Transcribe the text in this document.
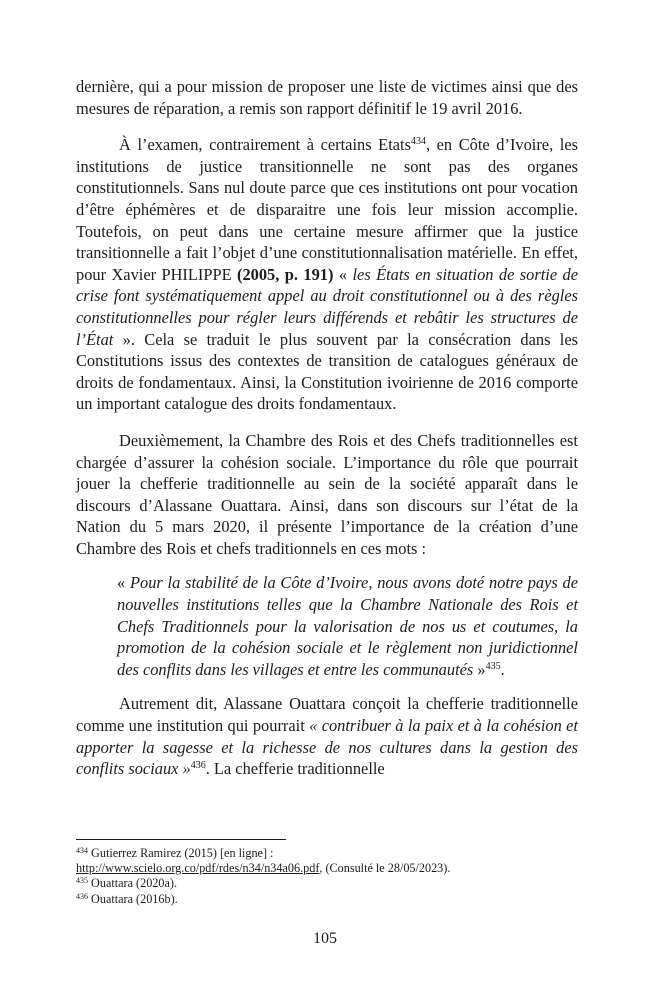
dernière, qui a pour mission de proposer une liste de victimes ainsi que des mesures de réparation, a remis son rapport définitif le 19 avril 2016.

À l’examen, contrairement à certains Etats$^{434}$, en Côte d’Ivoire, les institutions de justice transitionnelle ne sont pas des organes constitutionnels. Sans nul doute parce que ces institutions ont pour vocation d’être éphémères et de disparaitre une fois leur mission accomplie. Toutefois, on peut dans une certaine mesure affirmer que la justice transitionnelle a fait l’objet d’une constitutionnalisation matérielle. En effet, pour Xavier PHILIPPE (2005, p. 191) « les États en situation de sortie de crise font systématiquement appel au droit constitutionnel ou à des règles constitutionnelles pour régler leurs différends et rebâtir les structures de l’État ». Cela se traduit le plus souvent par la consécration dans les Constitutions issus des contextes de transition de catalogues généraux de droits de fondamentaux. Ainsi, la Constitution ivoirienne de 2016 comporte un important catalogue des droits fondamentaux.

Deuxièmement, la Chambre des Rois et des Chefs traditionnelles est chargée d’assurer la cohésion sociale. L’importance du rôle que pourrait jouer la chefferie traditionnelle au sein de la société apparaît dans le discours d’Alassane Ouattara. Ainsi, dans son discours sur l’état de la Nation du 5 mars 2020, il présente l’importance de la création d’une Chambre des Rois et chefs traditionnels en ces mots :

« Pour la stabilité de la Côte d’Ivoire, nous avons doté notre pays de nouvelles institutions telles que la Chambre Nationale des Rois et Chefs Traditionnels pour la valorisation de nos us et coutumes, la promotion de la cohésion sociale et le règlement non juridictionnel des conflits dans les villages et entre les communautés »$^{435}$.

Autrement dit, Alassane Ouattara conçoit la chefferie traditionnelle comme une institution qui pourrait « contribuer à la paix et à la cohésion et apporter la sagesse et la richesse de nos cultures dans la gestion des conflits sociaux »$^{436}$. La chefferie traditionnelle

$^{434}$ Gutierrez Ramirez (2015) [en ligne] :
http://www.scielo.org.co/pdf/rdes/n34/n34a06.pdf, (Consulté le 28/05/2023).

$^{435}$ Ouattara (2020a).

$^{436}$ Ouattara (2016b).

105
